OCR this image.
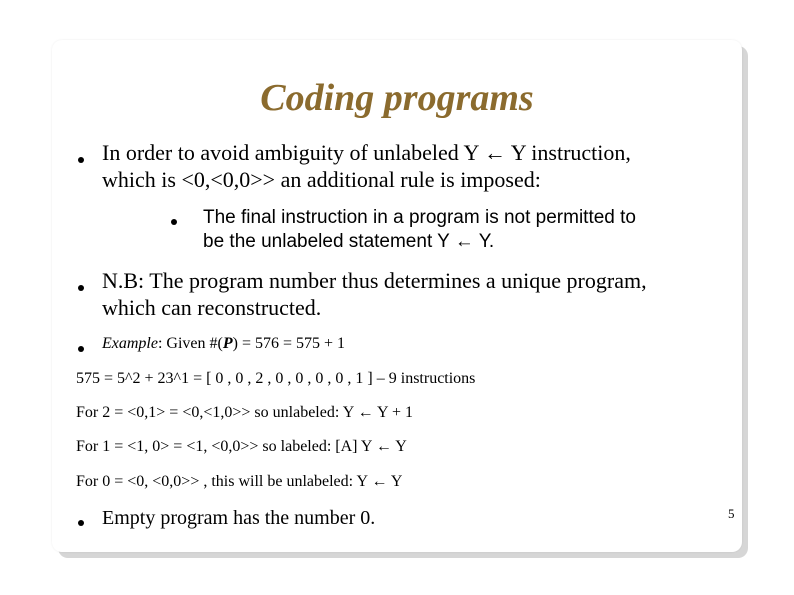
Coding programs
In order to avoid ambiguity of unlabeled Y ← Y instruction,
which is <0,<0,0>> an additional rule is imposed:
The final instruction in a program is not permitted to
be the unlabeled statement Y ← Y.
N.B: The program number thus determines a unique program,
which can reconstructed.
Example: Given #(P) = 576 = 575 + 1
575 = 5^2 + 23^1 = [ 0 , 0 , 2 , 0 , 0 , 0 , 0 , 1 ] – 9 instructions
For 2 = <0,1> = <0,<1,0>> so unlabeled: Y ← Y + 1
For 1 = <1, 0> = <1, <0,0>> so labeled: [A] Y ← Y
For 0 = <0, <0,0>> , this will be unlabeled: Y ← Y
Empty program has the number 0.	5
